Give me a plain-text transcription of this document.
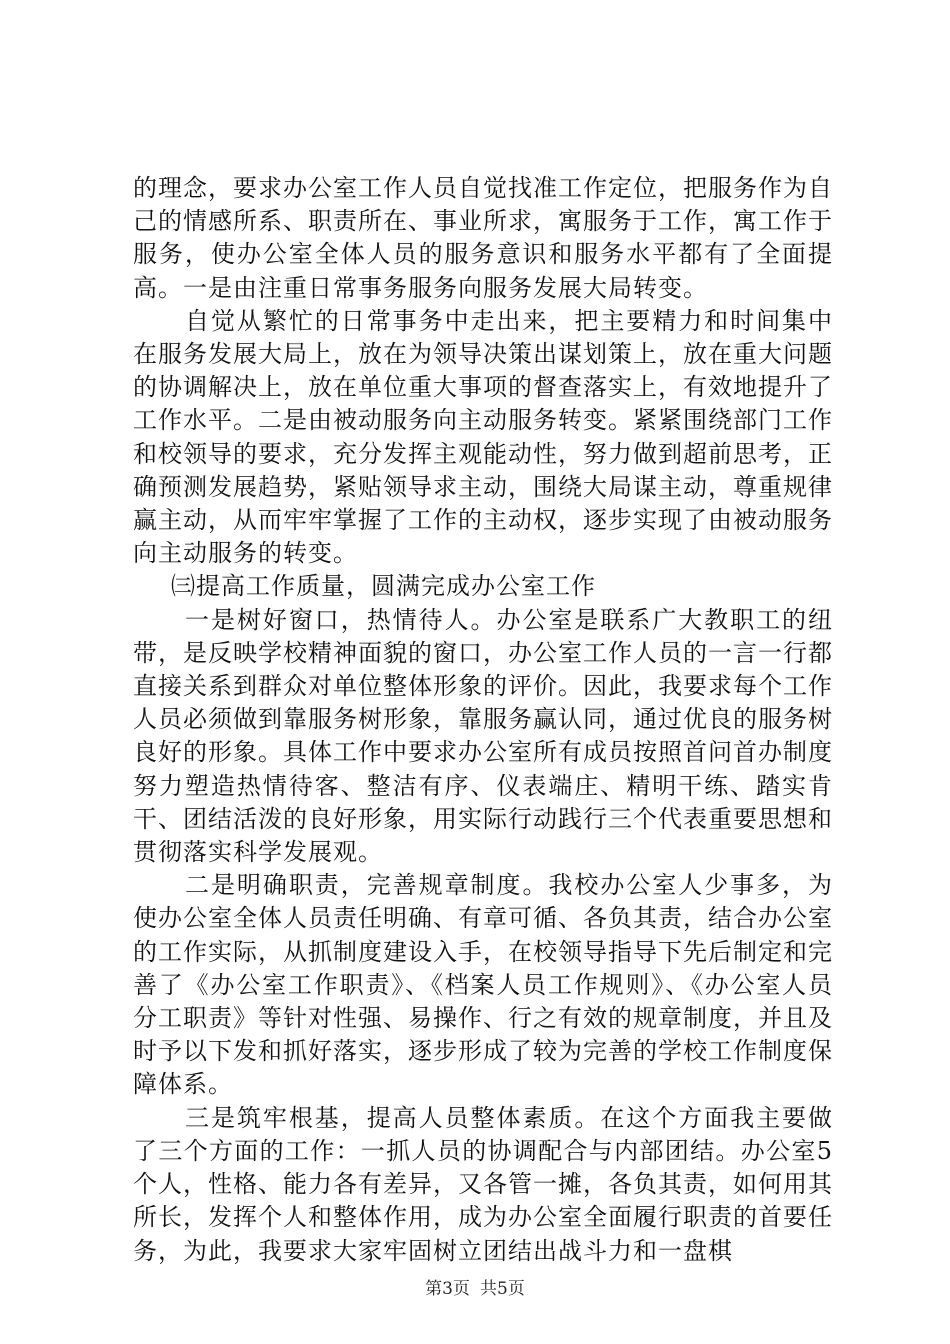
的理念，要求办公室工作人员自觉找准工作定位，把服务作为自己的情感所系、职责所在、事业所求，寓服务于工作，寓工作于服务，使办公室全体人员的服务意识和服务水平都有了全面提高。一是由注重日常事务服务向服务发展大局转变。

自觉从繁忙的日常事务中走出来，把主要精力和时间集中在服务发展大局上，放在为领导决策出谋划策上，放在重大问题的协调解决上，放在单位重大事项的督查落实上，有效地提升了工作水平。二是由被动服务向主动服务转变。紧紧围绕部门工作和校领导的要求，充分发挥主观能动性，努力做到超前思考，正确预测发展趋势，紧贴领导求主动，围绕大局谋主动，尊重规律赢主动，从而牢牢掌握了工作的主动权，逐步实现了由被动服务向主动服务的转变。

㈢提高工作质量，圆满完成办公室工作

一是树好窗口，热情待人。办公室是联系广大教职工的纽带，是反映学校精神面貌的窗口，办公室工作人员的一言一行都直接关系到群众对单位整体形象的评价。因此，我要求每个工作人员必须做到靠服务树形象，靠服务赢认同，通过优良的服务树良好的形象。具体工作中要求办公室所有成员按照首问首办制度努力塑造热情待客、整洁有序、仪表端庄、精明干练、踏实肯干、团结活泼的良好形象，用实际行动践行三个代表重要思想和贯彻落实科学发展观。

二是明确职责，完善规章制度。我校办公室人少事多，为使办公室全体人员责任明确、有章可循、各负其责，结合办公室的工作实际，从抓制度建设入手，在校领导指导下先后制定和完善了《办公室工作职责》、《档案人员工作规则》、《办公室人员分工职责》等针对性强、易操作、行之有效的规章制度，并且及时予以下发和抓好落实，逐步形成了较为完善的学校工作制度保障体系。

三是筑牢根基，提高人员整体素质。在这个方面我主要做了三个方面的工作：一抓人员的协调配合与内部团结。办公室5个人，性格、能力各有差异，又各管一摊，各负其责，如何用其所长，发挥个人和整体作用，成为办公室全面履行职责的首要任务，为此，我要求大家牢固树立团结出战斗力和一盘棋

第3页 共5页
